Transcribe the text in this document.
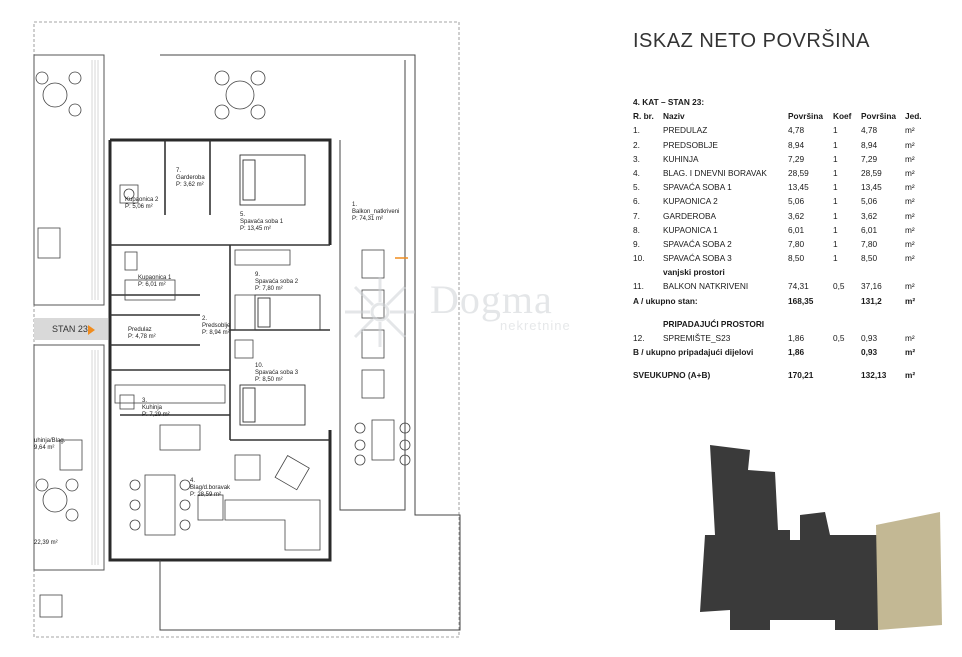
1.
Balkon_natkriveni
P: 74,31 m²
7.
Garderoba
P: 3,62 m²
Kupaonica 2
P: 5,06 m²
5.
Spavaća soba 1
P: 13,45 m²
Kupaonica 1
P: 6,01 m²
9.
Spavaća soba 2
P: 7,80 m²
Predulaz
P: 4,78 m²
2.
Predsoblje
P: 8,94 m²
10.
Spavaća soba 3
P: 8,50 m²
3.
Kuhinja
P: 7,29 m²
4.
Blag/d.boravak
P: 28,59 m²
uhinja/Blag.
9,64 m²
22,39 m²
STAN 23
Dogma
nekretnine
ISKAZ NETO POVRŠINA
4. KAT – STAN 23:
R. br. Naziv	Površina Koef Površina Jed.
1.	PREDULAZ	4,78	1	4,78	m²
2.	PREDSOBLJE	8,94	1	8,94	m²
3.	KUHINJA	7,29	1	7,29	m²
4.	BLAG. I DNEVNI BORAVAK	28,59	1	28,59	m²
5.	SPAVAĆA SOBA 1	13,45	1	13,45	m²
6.	KUPAONICA 2	5,06	1	5,06	m²
7.	GARDEROBA	3,62	1	3,62	m²
8.	KUPAONICA 1	6,01	1	6,01	m²
9.	SPAVAĆA SOBA 2	7,80	1	7,80	m²
10. SPAVAĆA SOBA 3	8,50	1	8,50	m²
vanjski prostori
11. BALKON NATKRIVENI	74,31	0,5 37,16	m²
A / ukupno stan:	168,35	131,2	m²
PRIPADAJUĆI PROSTORI
12. SPREMIŠTE_S23	1,86	0,5 0,93	m²
B / ukupno pripadajući dijelovi	1,86	0,93	m²
SVEUKUPNO (A+B)	170,21	132,13 m²
